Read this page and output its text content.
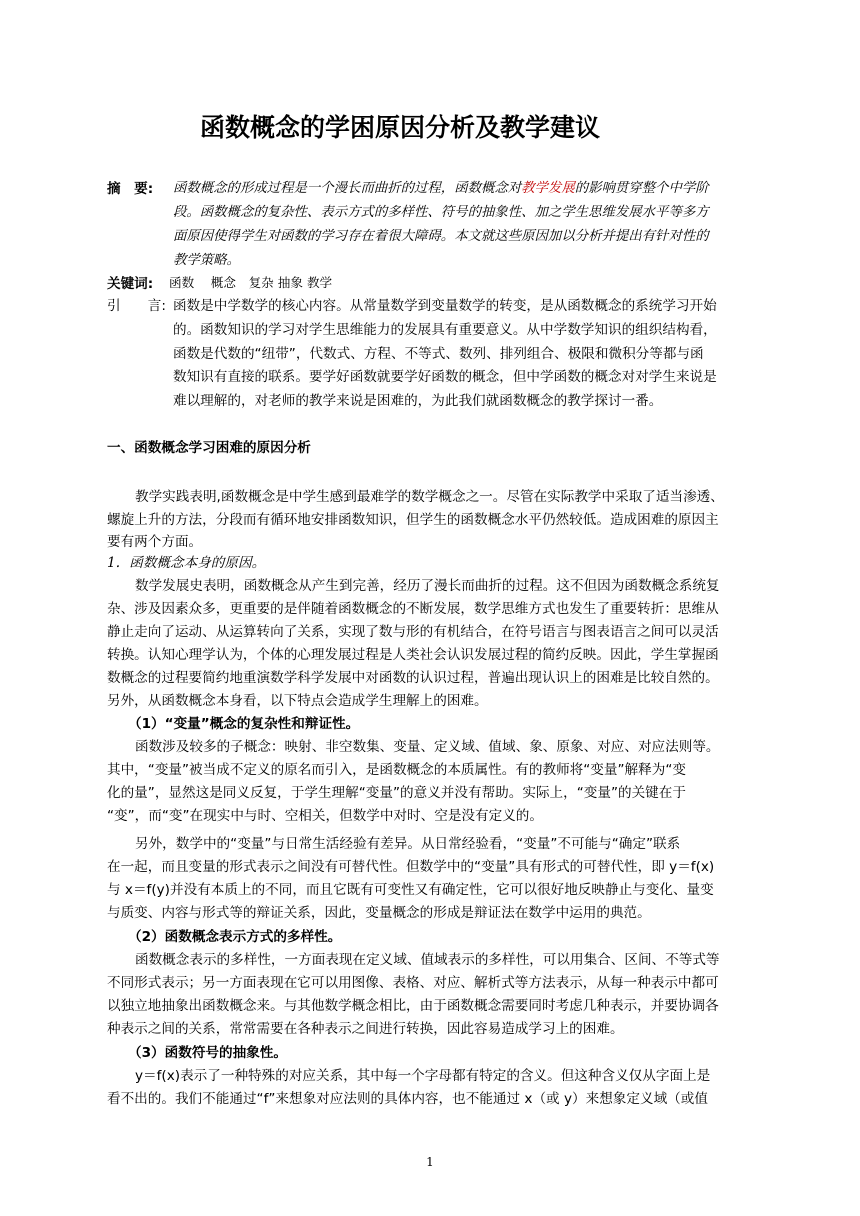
函数概念的学困原因分析及教学建议
摘　要: 函数概念的形成过程是一个漫长而曲折的过程，函数概念对教学发展的影响贯穿整个中学阶
段。函数概念的复杂性、表示方式的多样性、符号的抽象性、加之学生思维发展水平等多方
面原因使得学生对函数的学习存在着很大障碍。本文就这些原因加以分析并提出有针对性的
教学策略。
关键词: 函数　 概念　复杂 抽象 教学
引　　言: 函数是中学数学的核心内容。从常量数学到变量数学的转变，是从函数概念的系统学习开始
的。函数知识的学习对学生思维能力的发展具有重要意义。从中学数学知识的组织结构看，
函数是代数的“纽带”，代数式、方程、不等式、数列、排列组合、极限和微积分等都与函
数知识有直接的联系。要学好函数就要学好函数的概念，但中学函数的概念对对学生来说是
难以理解的，对老师的教学来说是困难的，为此我们就函数概念的教学探讨一番。
一、函数概念学习困难的原因分析
教学实践表明,函数概念是中学生感到最难学的数学概念之一。尽管在实际教学中采取了适当渗透、
螺旋上升的方法，分段而有循环地安排函数知识，但学生的函数概念水平仍然较低。造成困难的原因主
要有两个方面。
1．函数概念本身的原因。
数学发展史表明，函数概念从产生到完善，经历了漫长而曲折的过程。这不但因为函数概念系统复
杂、涉及因素众多，更重要的是伴随着函数概念的不断发展，数学思维方式也发生了重要转折：思维从
静止走向了运动、从运算转向了关系，实现了数与形的有机结合，在符号语言与图表语言之间可以灵活
转换。认知心理学认为，个体的心理发展过程是人类社会认识发展过程的简约反映。因此，学生掌握函
数概念的过程要简约地重演数学科学发展中对函数的认识过程，普遍出现认识上的困难是比较自然的。
另外，从函数概念本身看，以下特点会造成学生理解上的困难。
（1）“变量”概念的复杂性和辩证性。
函数涉及较多的子概念：映射、非空数集、变量、定义域、值域、象、原象、对应、对应法则等。
其中，“变量”被当成不定义的原名而引入，是函数概念的本质属性。有的教师将“变量”解释为“变
化的量”，显然这是同义反复，于学生理解“变量”的意义并没有帮助。实际上，“变量”的关键在于
“变”，而“变”在现实中与时、空相关，但数学中对时、空是没有定义的。
另外，数学中的“变量”与日常生活经验有差异。从日常经验看，“变量”不可能与“确定”联系
在一起，而且变量的形式表示之间没有可替代性。但数学中的“变量”具有形式的可替代性，即 y＝f(x)
与 x＝f(y)并没有本质上的不同，而且它既有可变性又有确定性，它可以很好地反映静止与变化、量变
与质变、内容与形式等的辩证关系，因此，变量概念的形成是辩证法在数学中运用的典范。
（2）函数概念表示方式的多样性。
函数概念表示的多样性，一方面表现在定义域、值域表示的多样性，可以用集合、区间、不等式等
不同形式表示；另一方面表现在它可以用图像、表格、对应、解析式等方法表示，从每一种表示中都可
以独立地抽象出函数概念来。与其他数学概念相比，由于函数概念需要同时考虑几种表示，并要协调各
种表示之间的关系，常常需要在各种表示之间进行转换，因此容易造成学习上的困难。
（3）函数符号的抽象性。
y＝f(x)表示了一种特殊的对应关系，其中每一个字母都有特定的含义。但这种含义仅从字面上是
看不出的。我们不能通过“f”来想象对应法则的具体内容，也不能通过 x（或 y）来想象定义域（或值
1
